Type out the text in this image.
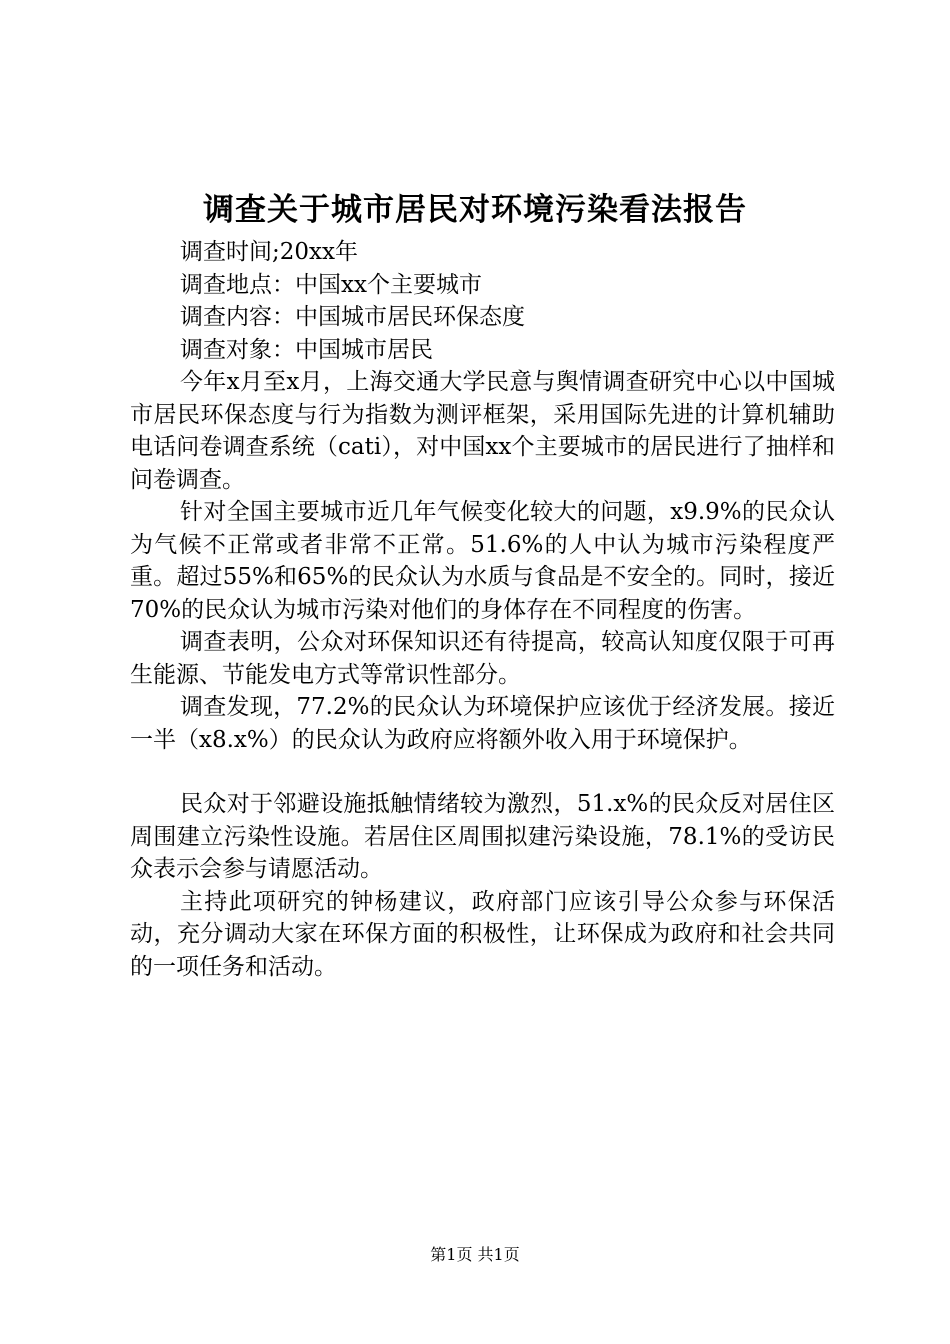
调查关于城市居民对环境污染看法报告

调查时间;20xx年

调查地点：中国xx个主要城市

调查内容：中国城市居民环保态度

调查对象：中国城市居民

今年x月至x月，上海交通大学民意与舆情调查研究中心以中国城市居民环保态度与行为指数为测评框架，采用国际先进的计算机辅助电话问卷调查系统（cati），对中国xx个主要城市的居民进行了抽样和问卷调查。

针对全国主要城市近几年气候变化较大的问题，x9.9%的民众认为气候不正常或者非常不正常。51.6%的人中认为城市污染程度严重。超过55%和65%的民众认为水质与食品是不安全的。同时，接近70%的民众认为城市污染对他们的身体存在不同程度的伤害。

调查表明，公众对环保知识还有待提高，较高认知度仅限于可再生能源、节能发电方式等常识性部分。

调查发现，77.2%的民众认为环境保护应该优于经济发展。接近一半（x8.x%）的民众认为政府应将额外收入用于环境保护。

民众对于邻避设施抵触情绪较为激烈，51.x%的民众反对居住区周围建立污染性设施。若居住区周围拟建污染设施，78.1%的受访民众表示会参与请愿活动。

主持此项研究的钟杨建议，政府部门应该引导公众参与环保活动，充分调动大家在环保方面的积极性，让环保成为政府和社会共同的一项任务和活动。

第1页 共1页
